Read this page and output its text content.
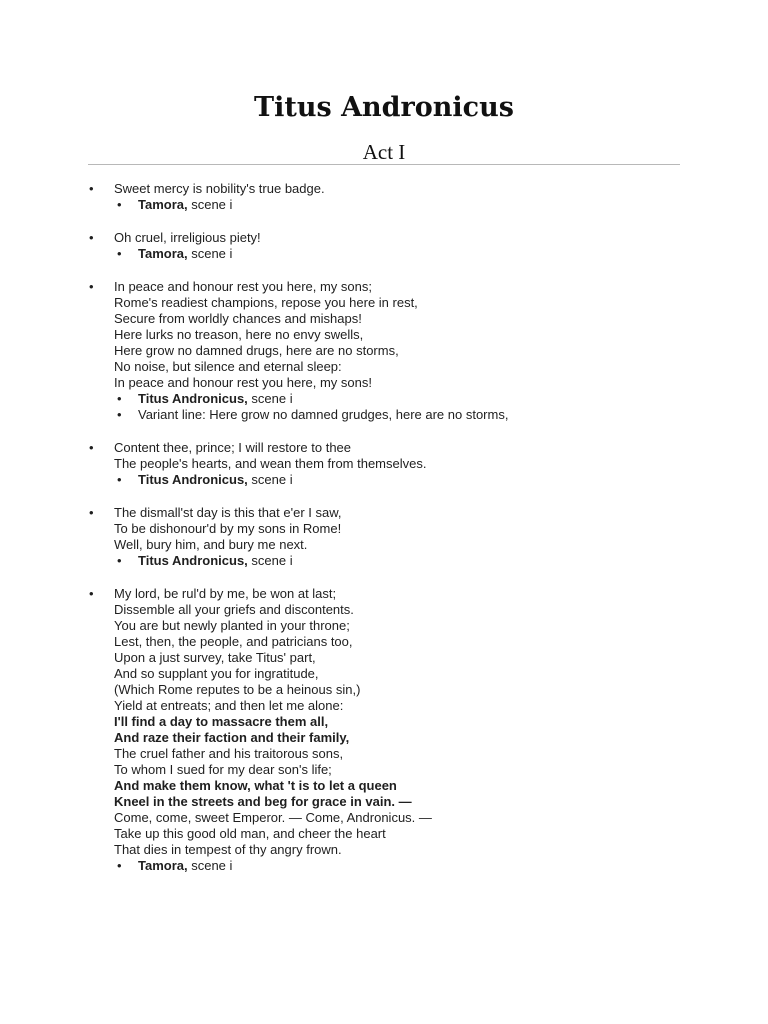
Titus Andronicus
Act I
• Sweet mercy is nobility's true badge.
• Tamora, scene i
• Oh cruel, irreligious piety!
• Tamora, scene i
• In peace and honour rest you here, my sons;
Rome's readiest champions, repose you here in rest,
Secure from worldly chances and mishaps!
Here lurks no treason, here no envy swells,
Here grow no damned drugs, here are no storms,
No noise, but silence and eternal sleep:
In peace and honour rest you here, my sons!
• Titus Andronicus, scene i
• Variant line: Here grow no damned grudges, here are no storms,
• Content thee, prince; I will restore to thee
The people's hearts, and wean them from themselves.
• Titus Andronicus, scene i
• The dismall'st day is this that e'er I saw,
To be dishonour'd by my sons in Rome!
Well, bury him, and bury me next.
• Titus Andronicus, scene i
• My lord, be rul'd by me, be won at last;
Dissemble all your griefs and discontents.
You are but newly planted in your throne;
Lest, then, the people, and patricians too,
Upon a just survey, take Titus' part,
And so supplant you for ingratitude,
(Which Rome reputes to be a heinous sin,)
Yield at entreats; and then let me alone:
I'll find a day to massacre them all,
And raze their faction and their family,
The cruel father and his traitorous sons,
To whom I sued for my dear son's life;
And make them know, what 't is to let a queen
Kneel in the streets and beg for grace in vain. —
Come, come, sweet Emperor. — Come, Andronicus. —
Take up this good old man, and cheer the heart
That dies in tempest of thy angry frown.
• Tamora, scene i
